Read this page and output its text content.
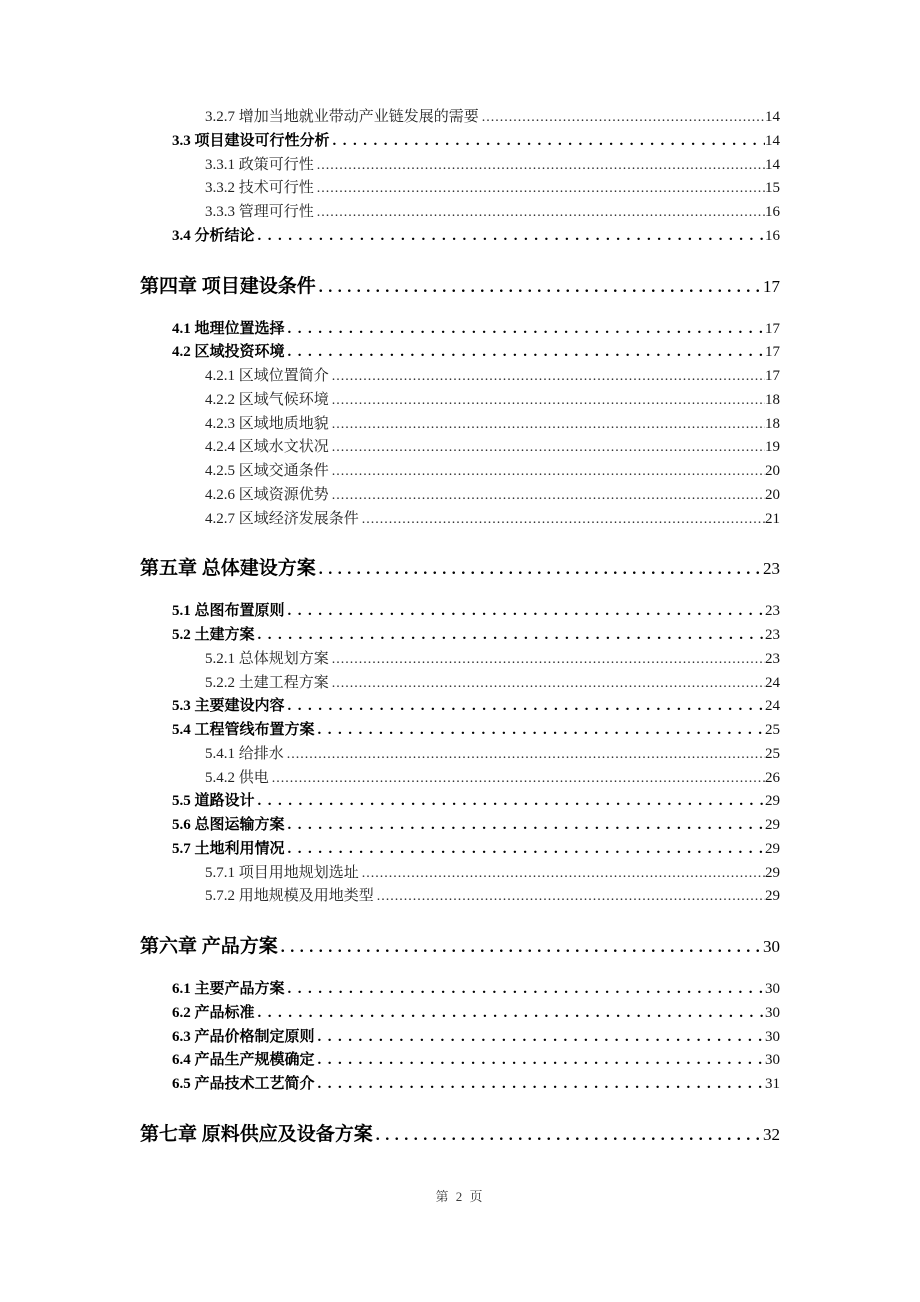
3.2.7 增加当地就业带动产业链发展的需要 .....	14
3.3 项目建设可行性分析 .....	14
3.3.1 政策可行性 .....	14
3.3.2 技术可行性 .....	15
3.3.3 管理可行性 .....	16
3.4 分析结论 .....	16
第四章 项目建设条件 .....	17
4.1 地理位置选择 .....	17
4.2 区域投资环境 .....	17
4.2.1 区域位置简介 .....	17
4.2.2 区域气候环境 .....	18
4.2.3 区域地质地貌 .....	18
4.2.4 区域水文状况 .....	19
4.2.5 区域交通条件 .....	20
4.2.6 区域资源优势 .....	20
4.2.7 区域经济发展条件 .....	21
第五章 总体建设方案 .....	23
5.1 总图布置原则 .....	23
5.2 土建方案 .....	23
5.2.1 总体规划方案 .....	23
5.2.2 土建工程方案 .....	24
5.3 主要建设内容 .....	24
5.4 工程管线布置方案 .....	25
5.4.1 给排水 .....	25
5.4.2 供电 .....	26
5.5 道路设计 .....	29
5.6 总图运输方案 .....	29
5.7 土地利用情况 .....	29
5.7.1 项目用地规划选址 .....	29
5.7.2 用地规模及用地类型 .....	29
第六章 产品方案 .....	30
6.1 主要产品方案 .....	30
6.2 产品标准 .....	30
6.3 产品价格制定原则 .....	30
6.4 产品生产规模确定 .....	30
6.5 产品技术工艺简介 .....	31
第七章 原料供应及设备方案 .....	32
第 2 页
